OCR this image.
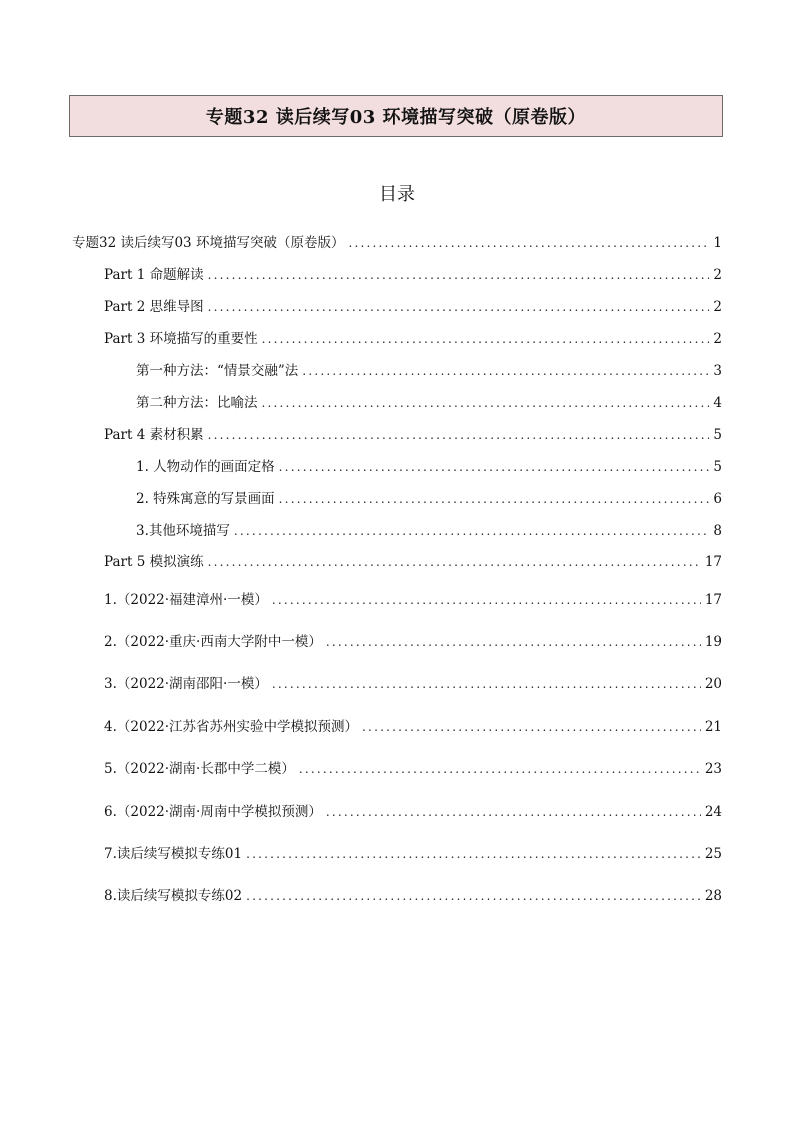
专题32 读后续写03 环境描写突破（原卷版）
目录
专题32 读后续写03 环境描写突破（原卷版） .....	1
Part 1 命题解读 .....	2
Part 2 思维导图 .....	2
Part 3 环境描写的重要性 .....	2
第一种方法：“情景交融”法 .....	3
第二种方法：比喻法 .....	4
Part 4 素材积累 .....	5
1. 人物动作的画面定格 .....	5
2. 特殊寓意的写景画面 .....	6
3.其他环境描写 .....	8
Part 5 模拟演练 .....	17
1. （2022·福建漳州·一模） .....	17
2. （2022·重庆·西南大学附中一模） .....	19
3. （2022·湖南邵阳·一模） .....	20
4. （2022·江苏省苏州实验中学模拟预测） .....	21
5. （2022·湖南·长郡中学二模） .....	23
6. （2022·湖南·周南中学模拟预测） .....	24
7. 读后续写模拟专练01 .....	25
8. 读后续写模拟专练02 .....	28
